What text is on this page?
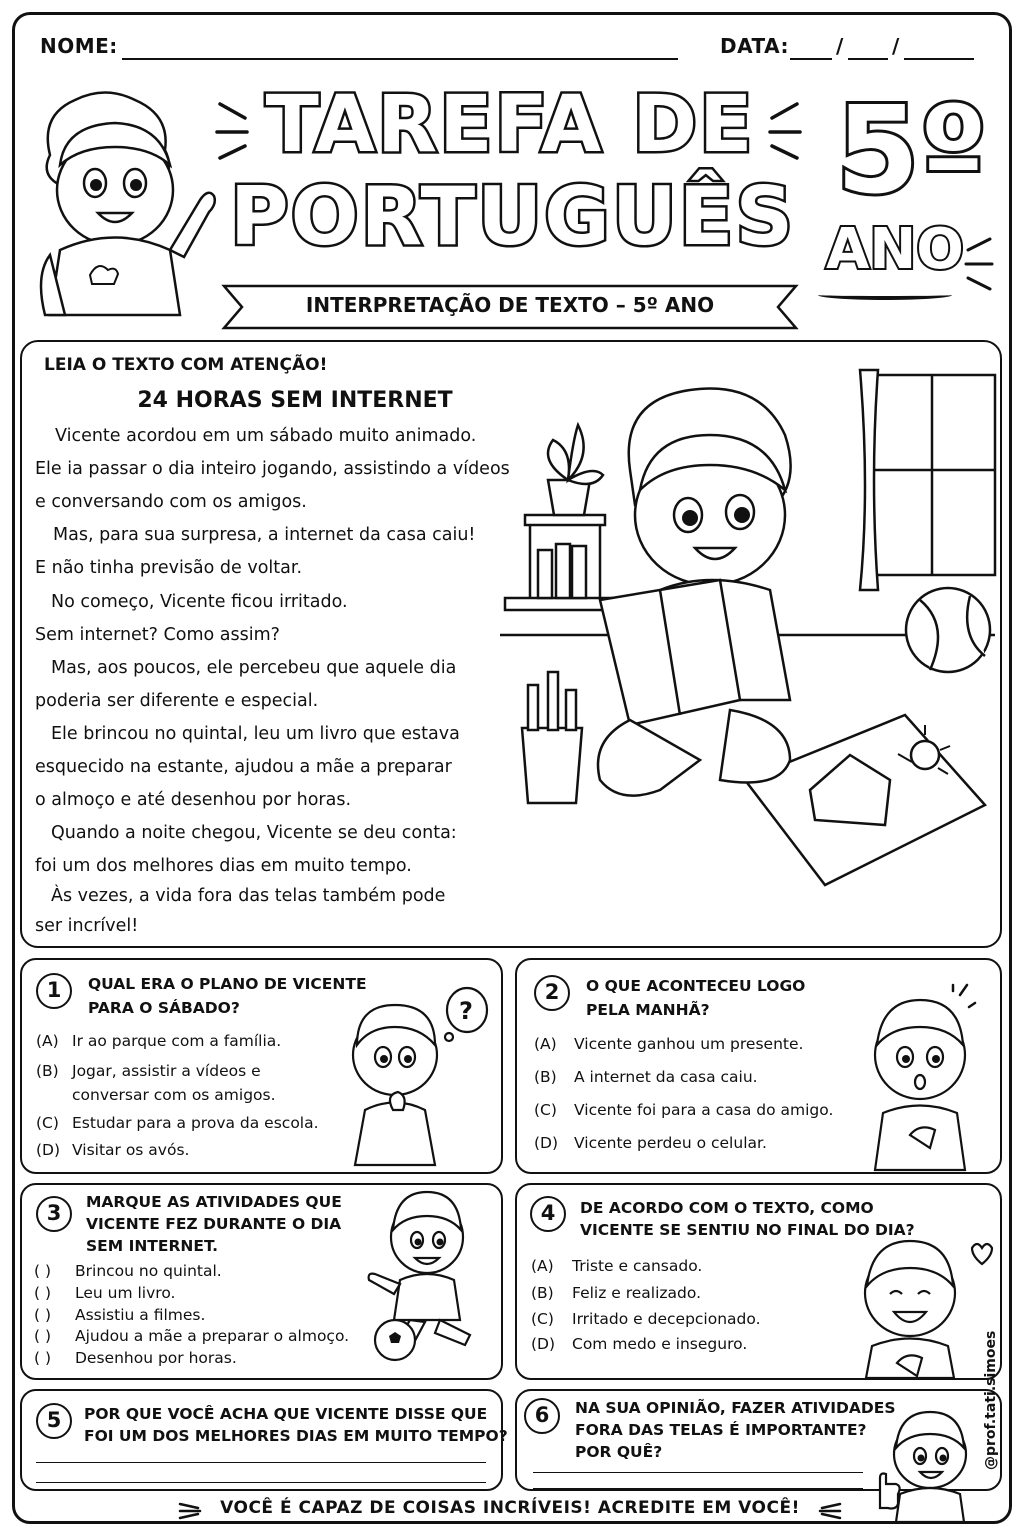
NOME:	DATA: / /
TAREFA DE
PORTUGUÊS 5º
ANO
INTERPRETAÇÃO DE TEXTO – 5º ANO
LEIA O TEXTO COM ATENÇÃO!
24 HORAS SEM INTERNET
Vicente acordou em um sábado muito animado.
Ele ia passar o dia inteiro jogando, assistindo a vídeos
e conversando com os amigos.
Mas, para sua surpresa, a internet da casa caiu!
E não tinha previsão de voltar.
No começo, Vicente ficou irritado.
Sem internet? Como assim?
Mas, aos poucos, ele percebeu que aquele dia
poderia ser diferente e especial.
Ele brincou no quintal, leu um livro que estava
esquecido na estante, ajudou a mãe a preparar
o almoço e até desenhou por horas.
Quando a noite chegou, Vicente se deu conta:
foi um dos melhores dias em muito tempo.
Às vezes, a vida fora das telas também pode
ser incrível!
1	QUAL ERA O PLANO DE VICENTE
PARA O SÁBADO?
(A) Ir ao parque com a família.
(B) Jogar, assistir a vídeos e
conversar com os amigos.
(C) Estudar para a prova da escola.
(D) Visitar os avós.
?
2	O QUE ACONTECEU LOGO
PELA MANHÃ?
(A) Vicente ganhou um presente.
(B) A internet da casa caiu.
(C) Vicente foi para a casa do amigo.
(D) Vicente perdeu o celular.
3	MARQUE AS ATIVIDADES QUE
VICENTE FEZ DURANTE O DIA
SEM INTERNET.
( ) Brincou no quintal.
( ) Leu um livro.
( ) Assistiu a filmes.
( ) Ajudou a mãe a preparar o almoço.
( ) Desenhou por horas.
4	DE ACORDO COM O TEXTO, COMO
VICENTE SE SENTIU NO FINAL DO DIA?
(A) Triste e cansado.
(B) Feliz e realizado.
(C) Irritado e decepcionado.
(D) Com medo e inseguro.
5	POR QUE VOCÊ ACHA QUE VICENTE DISSE QUE
FOI UM DOS MELHORES DIAS EM MUITO TEMPO?
6	NA SUA OPINIÃO, FAZER ATIVIDADES
FORA DAS TELAS É IMPORTANTE?
POR QUÊ?
VOCÊ É CAPAZ DE COISAS INCRÍVEIS! ACREDITE EM VOCÊ!
@prof.tati.simoes
